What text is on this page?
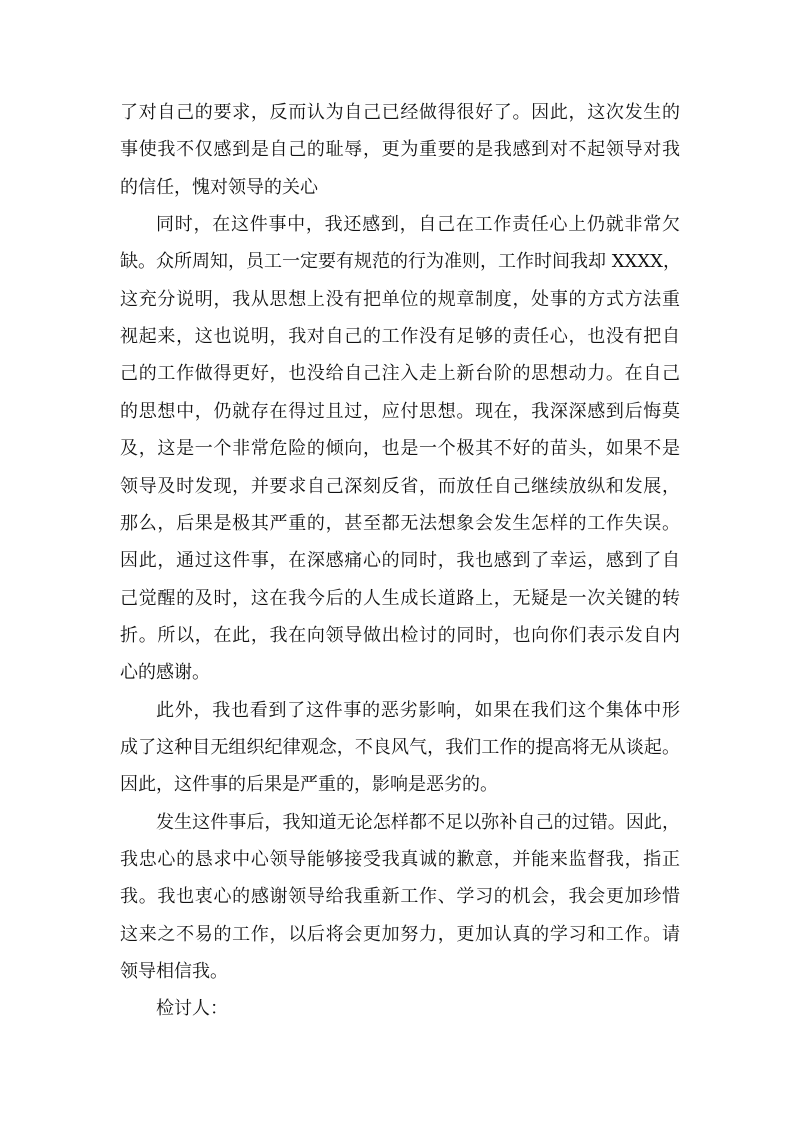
了对自己的要求，反而认为自己已经做得很好了。因此，这次发生的
事使我不仅感到是自己的耻辱，更为重要的是我感到对不起领导对我
的信任，愧对领导的关心
同时，在这件事中，我还感到，自己在工作责任心上仍就非常欠
缺。众所周知，员工一定要有规范的行为准则，工作时间我却 XXXX，
这充分说明，我从思想上没有把单位的规章制度，处事的方式方法重
视起来，这也说明，我对自己的工作没有足够的责任心，也没有把自
己的工作做得更好，也没给自己注入走上新台阶的思想动力。在自己
的思想中，仍就存在得过且过，应付思想。现在，我深深感到后悔莫
及，这是一个非常危险的倾向，也是一个极其不好的苗头，如果不是
领导及时发现，并要求自己深刻反省，而放任自己继续放纵和发展，
那么，后果是极其严重的，甚至都无法想象会发生怎样的工作失误。
因此，通过这件事，在深感痛心的同时，我也感到了幸运，感到了自
己觉醒的及时，这在我今后的人生成长道路上，无疑是一次关键的转
折。所以，在此，我在向领导做出检讨的同时，也向你们表示发自内
心的感谢。
此外，我也看到了这件事的恶劣影响，如果在我们这个集体中形
成了这种目无组织纪律观念，不良风气，我们工作的提高将无从谈起。
因此，这件事的后果是严重的，影响是恶劣的。
发生这件事后，我知道无论怎样都不足以弥补自己的过错。因此，
我忠心的恳求中心领导能够接受我真诚的歉意，并能来监督我，指正
我。我也衷心的感谢领导给我重新工作、学习的机会，我会更加珍惜
这来之不易的工作，以后将会更加努力，更加认真的学习和工作。请
领导相信我。
检讨人：
